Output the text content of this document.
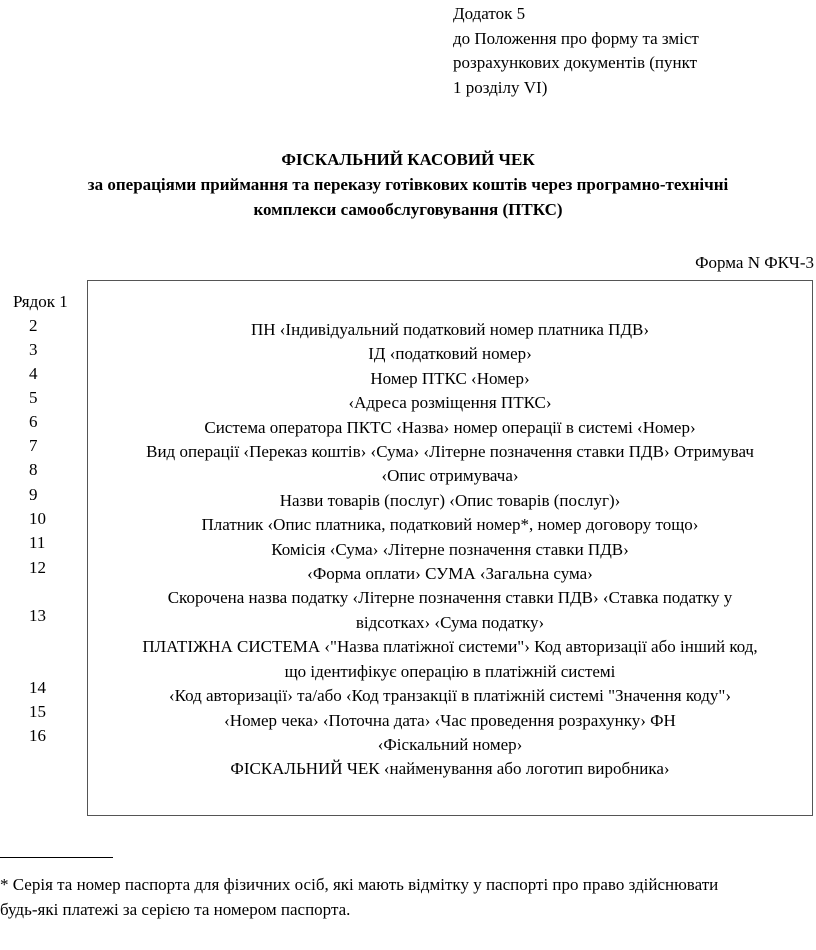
Додаток 5
до Положення про форму та зміст
розрахункових документів (пункт
1 розділу VI)
ФІСКАЛЬНИЙ КАСОВИЙ ЧЕК
за операціями приймання та переказу готівкових коштів через програмно-технічні
комплекси самообслуговування (ПТКС)
Форма N ФКЧ-3
Рядок 1
2
3
4
5
6
7
8
9
10
11
12
13
14
15
16
ПН ‹Індивідуальний податковий номер платника ПДВ›
ІД ‹податковий номер›
Номер ПТКС ‹Номер›
‹Адреса розміщення ПТКС›
Система оператора ПКТС ‹Назва› номер операції в системі ‹Номер›
Вид операції ‹Переказ коштів› ‹Сума› ‹Літерне позначення ставки ПДВ› Отримувач
‹Опис отримувача›
Назви товарів (послуг) ‹Опис товарів (послуг)›
Платник ‹Опис платника, податковий номер*, номер договору тощо›
Комісія ‹Сума› ‹Літерне позначення ставки ПДВ›
‹Форма оплати› СУМА ‹Загальна сума›
Скорочена назва податку ‹Літерне позначення ставки ПДВ› ‹Ставка податку у
відсотках› ‹Сума податку›
ПЛАТІЖНА СИСТЕМА ‹"Назва платіжної системи"› Код авторизації або інший код,
що ідентифікує операцію в платіжній системі
‹Код авторизації› та/або ‹Код транзакції в платіжній системі "Значення коду"›
‹Номер чека› ‹Поточна дата› ‹Час проведення розрахунку› ФН
‹Фіскальний номер›
ФІСКАЛЬНИЙ ЧЕК ‹найменування або логотип виробника›
* Серія та номер паспорта для фізичних осіб, які мають відмітку у паспорті про право здійснювати
будь-які платежі за серією та номером паспорта.
